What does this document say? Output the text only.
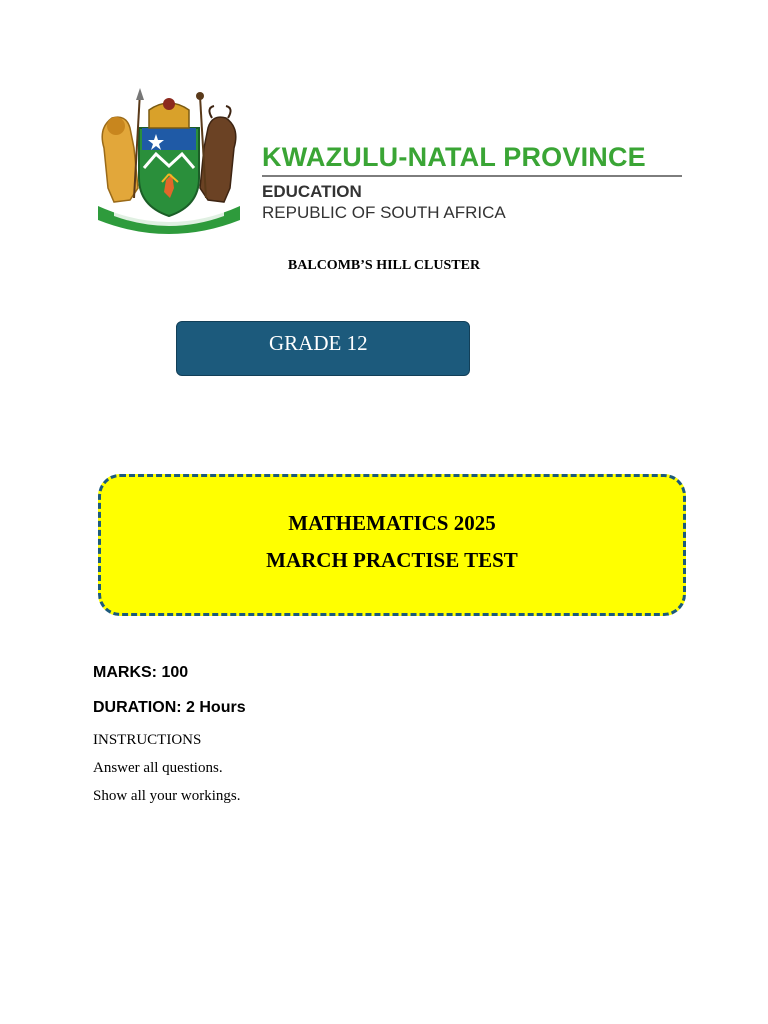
KWAZULU-NATAL PROVINCE
EDUCATION
REPUBLIC OF SOUTH AFRICA
BALCOMB’S HILL CLUSTER
GRADE 12
MATHEMATICS 2025
MARCH PRACTISE TEST
MARKS: 100
DURATION: 2 Hours
INSTRUCTIONS
Answer all questions.
Show all your workings.
